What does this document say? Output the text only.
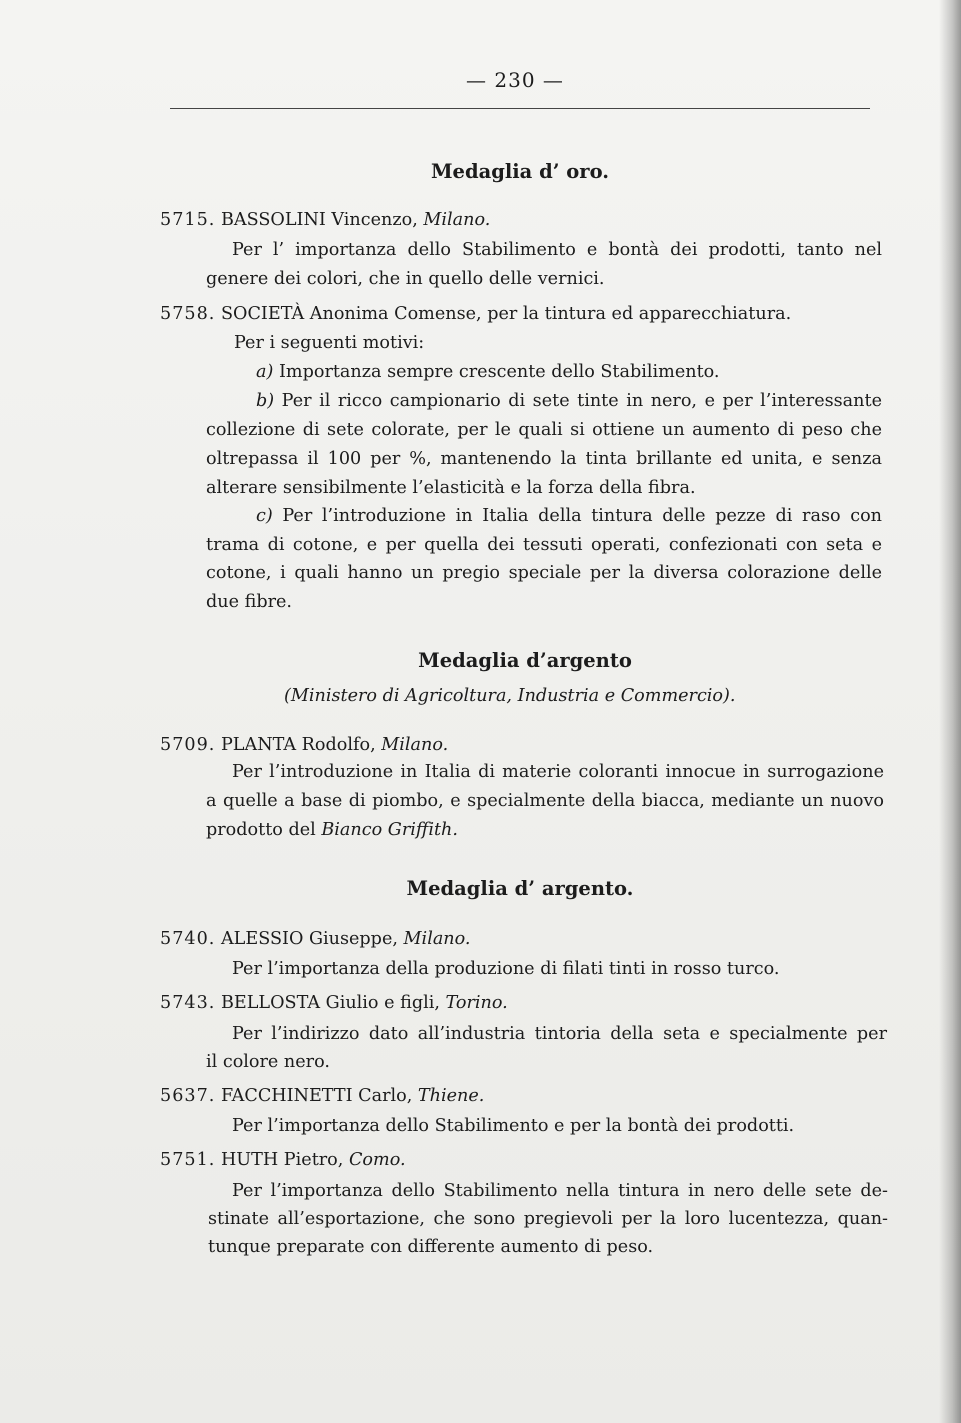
— 230 —
Medaglia d’ oro.
5715. BASSOLINI Vincenzo, Milano.
Per l’ importanza dello Stabilimento e bontà dei prodotti, tanto nel
genere dei colori, che in quello delle vernici.
5758. SOCIETÀ Anonima Comense, per la tintura ed apparecchiatura.
Per i seguenti motivi:
a) Importanza sempre crescente dello Stabilimento.
b) Per il ricco campionario di sete tinte in nero, e per l’interessante
collezione di sete colorate, per le quali si ottiene un aumento di peso che
oltrepassa il 100 per %, mantenendo la tinta brillante ed unita, e senza
alterare sensibilmente l’elasticità e la forza della fibra.
c) Per l’introduzione in Italia della tintura delle pezze di raso con
trama di cotone, e per quella dei tessuti operati, confezionati con seta e
cotone, i quali hanno un pregio speciale per la diversa colorazione delle
due fibre.
Medaglia d’argento
(Ministero di Agricoltura, Industria e Commercio).
5709. PLANTA Rodolfo, Milano.
Per l’introduzione in Italia di materie coloranti innocue in surrogazione
a quelle a base di piombo, e specialmente della biacca, mediante un nuovo
prodotto del Bianco Griffith.
Medaglia d’ argento.
5740. ALESSIO Giuseppe, Milano.
Per l’importanza della produzione di filati tinti in rosso turco.
5743. BELLOSTA Giulio e figli, Torino.
Per l’indirizzo dato all’industria tintoria della seta e specialmente per
il colore nero.
5637. FACCHINETTI Carlo, Thiene.
Per l’importanza dello Stabilimento e per la bontà dei prodotti.
5751. HUTH Pietro, Como.
Per l’importanza dello Stabilimento nella tintura in nero delle sete de-
stinate all’esportazione, che sono pregievoli per la loro lucentezza, quan-
tunque preparate con differente aumento di peso.
